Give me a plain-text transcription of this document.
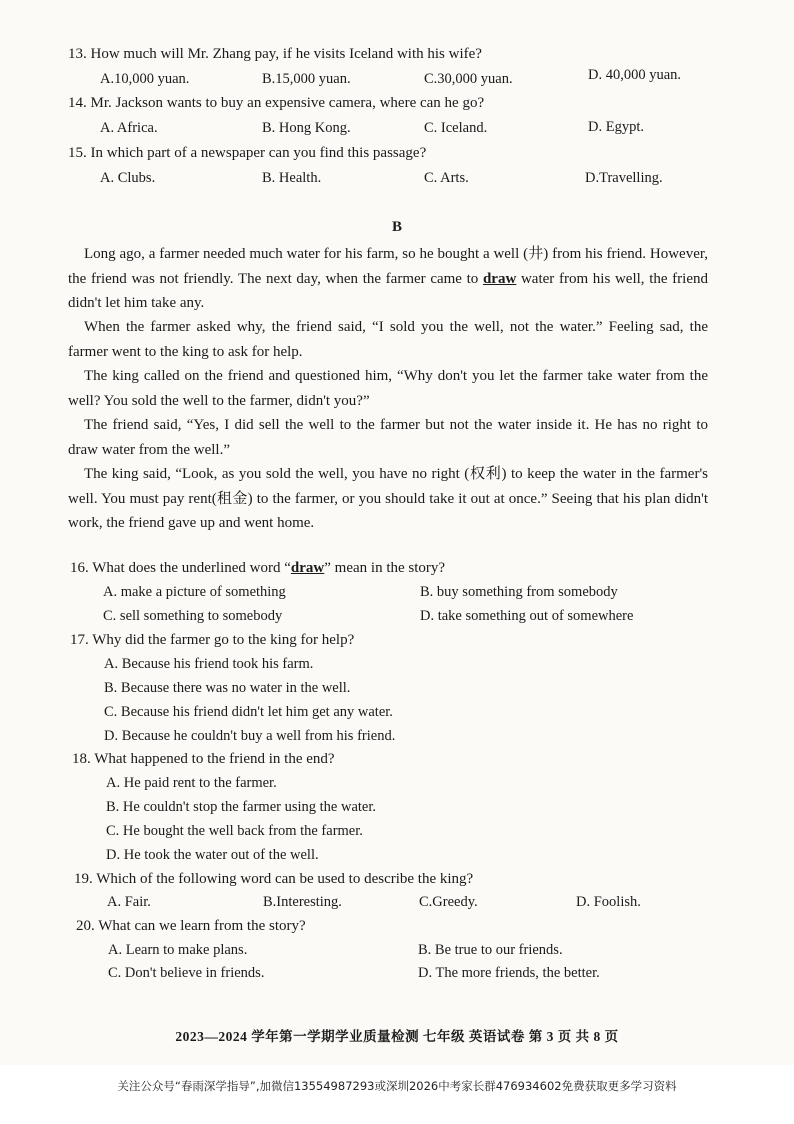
13. How much will Mr. Zhang pay, if he visits Iceland with his wife?
A.10,000 yuan.	B.15,000 yuan.	C.30,000 yuan.	D. 40,000 yuan.
14. Mr. Jackson wants to buy an expensive camera, where can he go?
A. Africa.	B. Hong Kong.	C. Iceland.	D. Egypt.
15. In which part of a newspaper can you find this passage?
A. Clubs.	B. Health.	C. Arts.	D.Travelling.
B
Long ago, a farmer needed much water for his farm, so he bought a well (井) from his friend. However, the friend was not friendly. The next day, when the farmer came to draw water from his well, the friend didn't let him take any.
When the farmer asked why, the friend said, “I sold you the well, not the water.” Feeling sad, the farmer went to the king to ask for help.
The king called on the friend and questioned him, “Why don't you let the farmer take water from the well? You sold the well to the farmer, didn't you?”
The friend said, “Yes, I did sell the well to the farmer but not the water inside it. He has no right to draw water from the well.”
The king said, “Look, as you sold the well, you have no right (权利) to keep the water in the farmer's well. You must pay rent(租金) to the farmer, or you should take it out at once.” Seeing that his plan didn't work, the friend gave up and went home.
16. What does the underlined word “draw” mean in the story?
A. make a picture of something	B. buy something from somebody
C. sell something to somebody	D. take something out of somewhere
17. Why did the farmer go to the king for help?
A. Because his friend took his farm.
B. Because there was no water in the well.
C. Because his friend didn't let him get any water.
D. Because he couldn't buy a well from his friend.
18. What happened to the friend in the end?
A. He paid rent to the farmer.
B. He couldn't stop the farmer using the water.
C. He bought the well back from the farmer.
D. He took the water out of the well.
19. Which of the following word can be used to describe the king?
A. Fair.	B.Interesting.	C.Greedy.	D. Foolish.
20. What can we learn from the story?
A. Learn to make plans.	B. Be true to our friends.
C. Don't believe in friends.	D. The more friends, the better.
2023—2024 学年第一学期学业质量检测 七年级 英语试卷 第 3 页 共 8 页
关注公众号“春雨深学指导”,加微信13554987293或深圳2026中考家长群476934602免费获取更多学习资料
